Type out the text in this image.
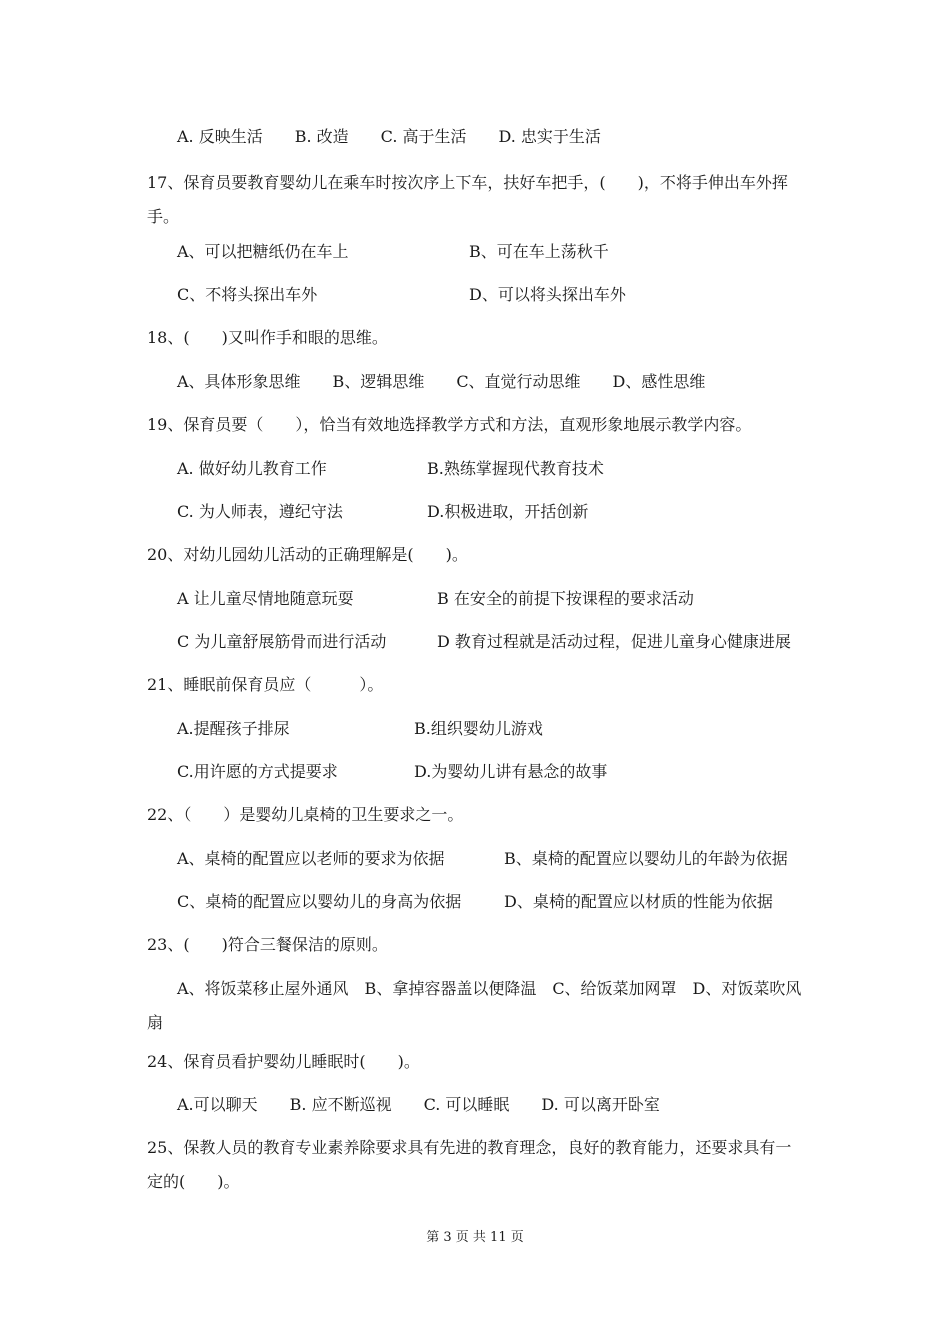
A. 反映生活　　B. 改造　　C. 高于生活　　D. 忠实于生活
17、保育员要教育婴幼儿在乘车时按次序上下车，扶好车把手，(　　)，不将手伸出车外挥手。
A、可以把糖纸仍在车上	B、可在车上荡秋千
C、不将头探出车外	D、可以将头探出车外
18、(　　)又叫作手和眼的思维。
A、具体形象思维　　B、逻辑思维　　C、直觉行动思维　　D、感性思维
19、保育员要（　　），恰当有效地选择教学方式和方法，直观形象地展示教学内容。
A. 做好幼儿教育工作	B.熟练掌握现代教育技术
C. 为人师表，遵纪守法	D.积极进取，开括创新
20、对幼儿园幼儿活动的正确理解是(　　)。
A 让儿童尽情地随意玩耍	B 在安全的前提下按课程的要求活动
C 为儿童舒展筋骨而进行活动	D 教育过程就是活动过程，促进儿童身心健康进展
21、睡眠前保育员应（　　　）。
A.提醒孩子排尿	B.组织婴幼儿游戏
C.用许愿的方式提要求	D.为婴幼儿讲有悬念的故事
22、（　　）是婴幼儿桌椅的卫生要求之一。
A、桌椅的配置应以老师的要求为依据	B、桌椅的配置应以婴幼儿的年龄为依据
C、桌椅的配置应以婴幼儿的身高为依据	D、桌椅的配置应以材质的性能为依据
23、(　　)符合三餐保洁的原则。
A、将饭菜移止屋外通风　B、拿掉容器盖以便降温　C、给饭菜加网罩　D、对饭菜吹风扇
24、保育员看护婴幼儿睡眠时(　　)。
A.可以聊天　　B. 应不断巡视　　C. 可以睡眠　　D. 可以离开卧室
25、保教人员的教育专业素养除要求具有先进的教育理念，良好的教育能力，还要求具有一定的(　　)。
第 3 页 共 11 页
